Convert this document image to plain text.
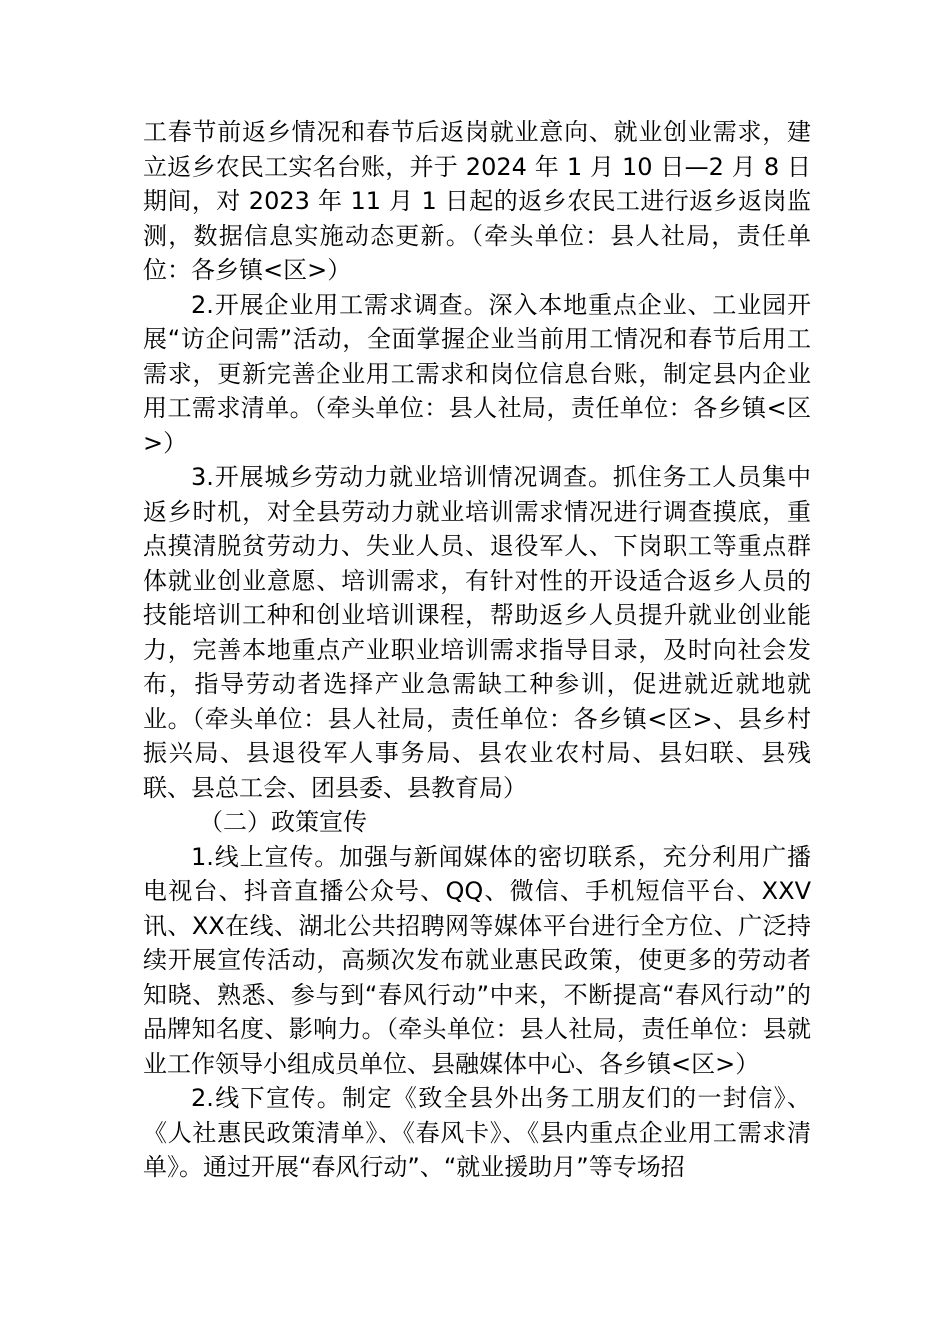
工春节前返乡情况和春节后返岗就业意向、就业创业需求，建立返乡农民工实名台账，并于 2024 年 1 月 10 日—2 月 8 日期间，对 2023 年 11 月 1 日起的返乡农民工进行返乡返岗监测，数据信息实施动态更新。（牵头单位：县人社局，责任单位：各乡镇<区>）

2.开展企业用工需求调查。深入本地重点企业、工业园开展“访企问需”活动，全面掌握企业当前用工情况和春节后用工需求，更新完善企业用工需求和岗位信息台账，制定县内企业用工需求清单。（牵头单位：县人社局，责任单位：各乡镇<区>）

3.开展城乡劳动力就业培训情况调查。抓住务工人员集中返乡时机，对全县劳动力就业培训需求情况进行调查摸底，重点摸清脱贫劳动力、失业人员、退役军人、下岗职工等重点群体就业创业意愿、培训需求，有针对性的开设适合返乡人员的技能培训工种和创业培训课程，帮助返乡人员提升就业创业能力，完善本地重点产业职业培训需求指导目录，及时向社会发布，指导劳动者选择产业急需缺工种参训，促进就近就地就业。（牵头单位：县人社局，责任单位：各乡镇<区>、县乡村振兴局、县退役军人事务局、县农业农村局、县妇联、县残联、县总工会、团县委、县教育局）

（二）政策宣传

1.线上宣传。加强与新闻媒体的密切联系，充分利用广播电视台、抖音直播公众号、QQ、微信、手机短信平台、XXV讯、XX在线、湖北公共招聘网等媒体平台进行全方位、广泛持续开展宣传活动，高频次发布就业惠民政策，使更多的劳动者知晓、熟悉、参与到“春风行动”中来，不断提高“春风行动”的品牌知名度、影响力。（牵头单位：县人社局，责任单位：县就业工作领导小组成员单位、县融媒体中心、各乡镇<区>）

2.线下宣传。制定《致全县外出务工朋友们的一封信》、《人社惠民政策清单》、《春风卡》、《县内重点企业用工需求清单》。通过开展“春风行动”、“就业援助月”等专场招
